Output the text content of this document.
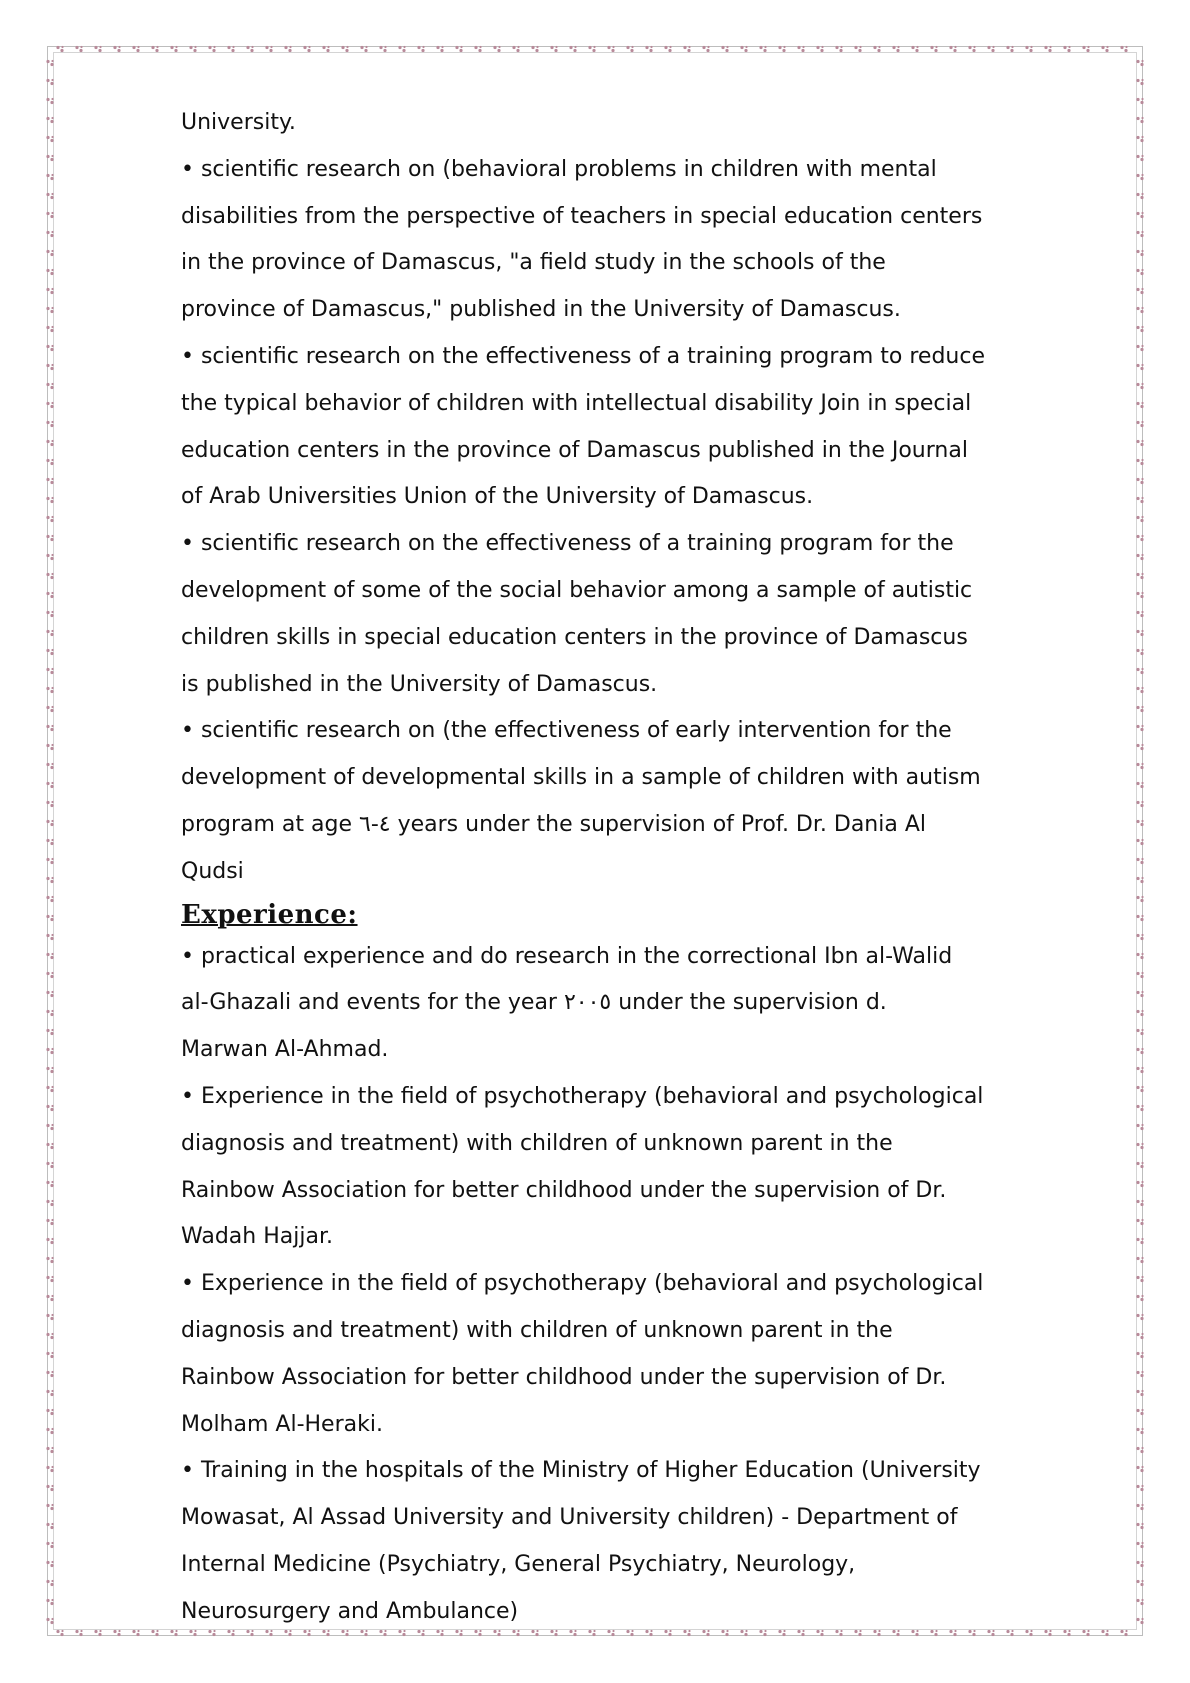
University.
• scientific research on (behavioral problems in children with mental
disabilities from the perspective of teachers in special education centers
in the province of Damascus, "a field study in the schools of the
province of Damascus," published in the University of Damascus.
• scientific research on the effectiveness of a training program to reduce
the typical behavior of children with intellectual disability Join in special
education centers in the province of Damascus published in the Journal
of Arab Universities Union of the University of Damascus.
• scientific research on the effectiveness of a training program for the
development of some of the social behavior among a sample of autistic
children skills in special education centers in the province of Damascus
is published in the University of Damascus.
• scientific research on (the effectiveness of early intervention for the
development of developmental skills in a sample of children with autism
program at age ٤-٦ years under the supervision of Prof. Dr. Dania Al
Qudsi
Experience:
• practical experience and do research in the correctional Ibn al-Walid
al-Ghazali and events for the year ٢٠٠٥ under the supervision d.
Marwan Al-Ahmad.
• Experience in the field of psychotherapy (behavioral and psychological
diagnosis and treatment) with children of unknown parent in the
Rainbow Association for better childhood under the supervision of Dr.
Wadah Hajjar.
• Experience in the field of psychotherapy (behavioral and psychological
diagnosis and treatment) with children of unknown parent in the
Rainbow Association for better childhood under the supervision of Dr.
Molham Al-Heraki.
• Training in the hospitals of the Ministry of Higher Education (University
Mowasat, Al Assad University and University children) - Department of
Internal Medicine (Psychiatry, General Psychiatry, Neurology,
Neurosurgery and Ambulance)
